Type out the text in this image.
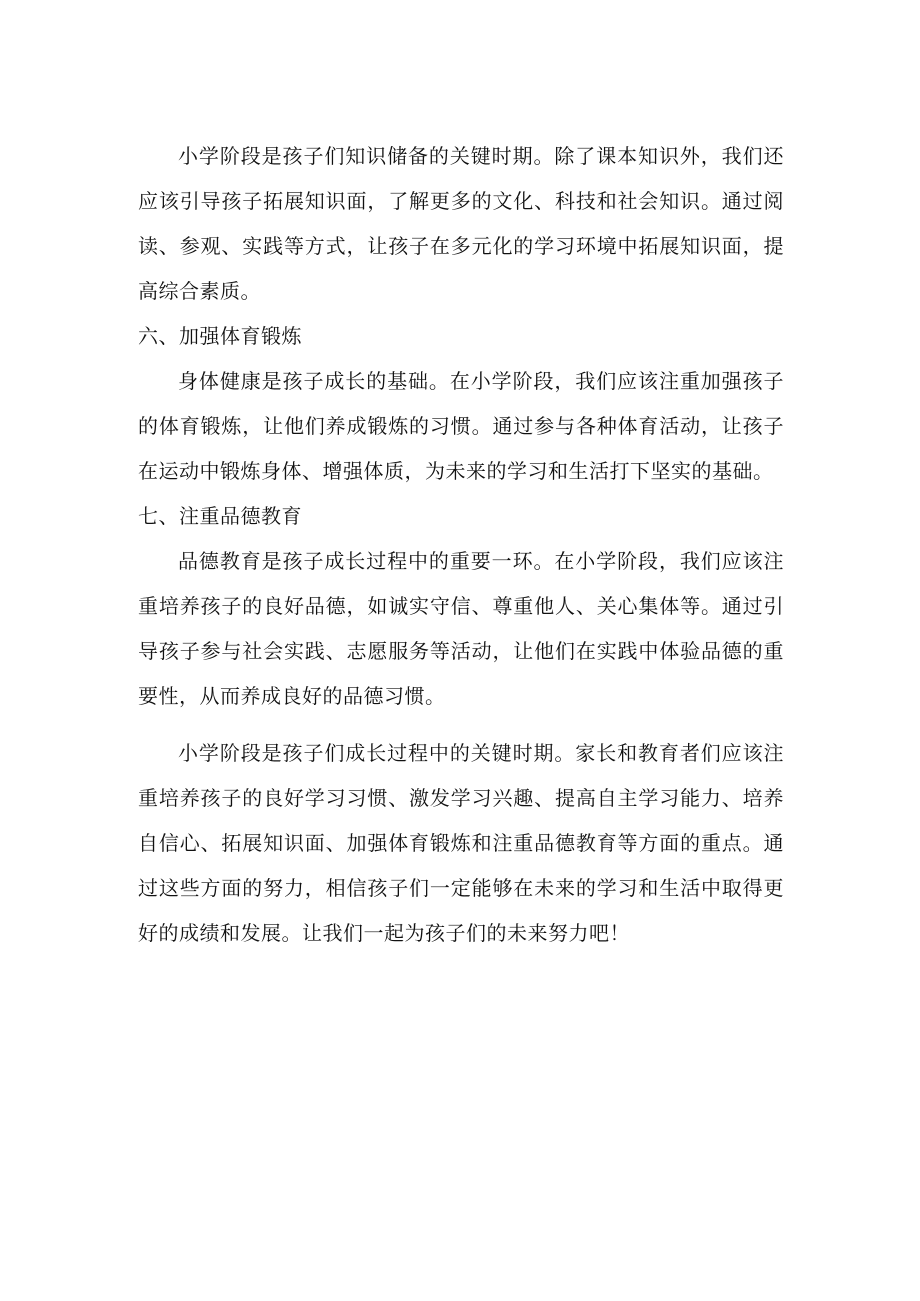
小学阶段是孩子们知识储备的关键时期。除了课本知识外，我们还应该引导孩子拓展知识面，了解更多的文化、科技和社会知识。通过阅读、参观、实践等方式，让孩子在多元化的学习环境中拓展知识面，提高综合素质。

六、加强体育锻炼

身体健康是孩子成长的基础。在小学阶段，我们应该注重加强孩子的体育锻炼，让他们养成锻炼的习惯。通过参与各种体育活动，让孩子在运动中锻炼身体、增强体质，为未来的学习和生活打下坚实的基础。

七、注重品德教育

品德教育是孩子成长过程中的重要一环。在小学阶段，我们应该注重培养孩子的良好品德，如诚实守信、尊重他人、关心集体等。通过引导孩子参与社会实践、志愿服务等活动，让他们在实践中体验品德的重要性，从而养成良好的品德习惯。

小学阶段是孩子们成长过程中的关键时期。家长和教育者们应该注重培养孩子的良好学习习惯、激发学习兴趣、提高自主学习能力、培养自信心、拓展知识面、加强体育锻炼和注重品德教育等方面的重点。通过这些方面的努力，相信孩子们一定能够在未来的学习和生活中取得更好的成绩和发展。让我们一起为孩子们的未来努力吧！
